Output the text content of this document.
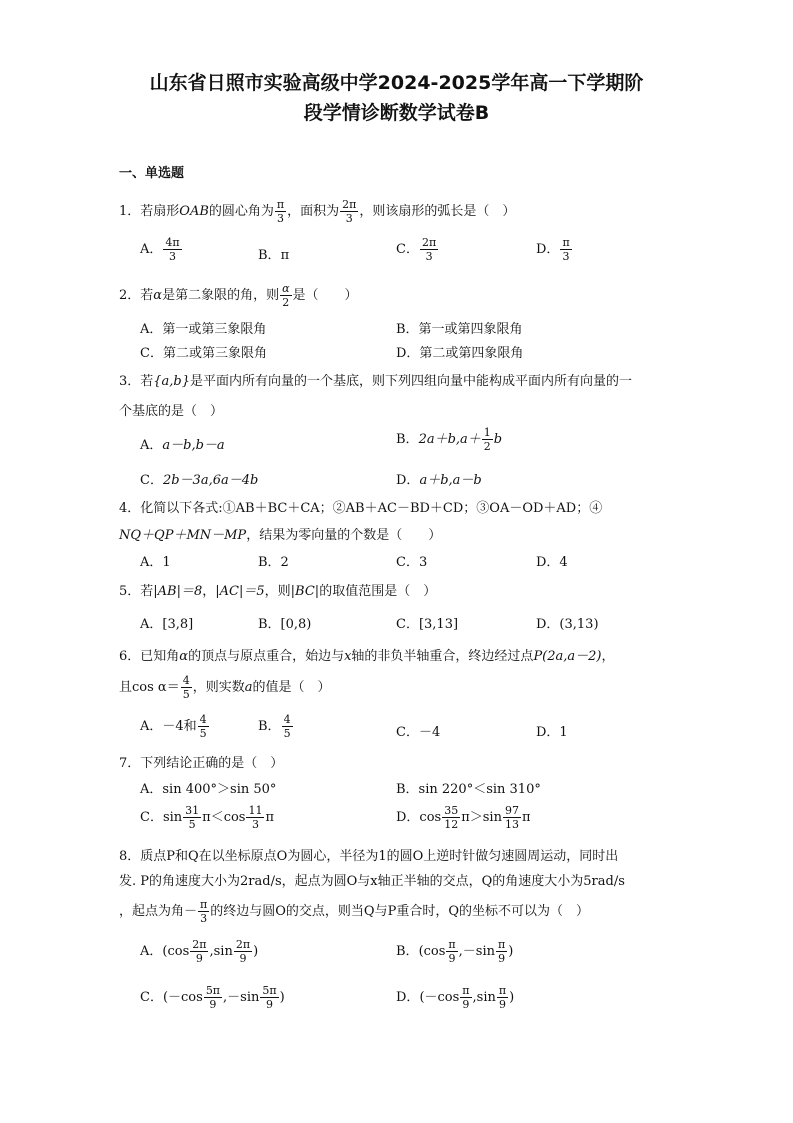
山东省日照市实验高级中学2024-2025学年高一下学期阶
段学情诊断数学试卷B
一、单选题
1．若扇形OAB的圆心角为 $\frac{\pi}{3}$ ，面积为 $\frac{2\pi}{3}$ ，则该扇形的弧长是（　）
A． $\frac{4\pi}{3}$	B．π	C． $\frac{2\pi}{3}$	D． $\frac{\pi}{3}$
2．若α是第二象限的角，则 $\frac{\alpha}{2}$ 是（　　）
A．第一或第三象限角	B．第一或第四象限角
C．第二或第三象限角	D．第二或第四象限角
3．若{a,b}是平面内所有向量的一个基底，则下列四组向量中能构成平面内所有向量的一
个基底的是（　）
A．a－b,b－a	B．$2a+b,a+ \frac{1}{2}$ b
C．2b－3a,6a－4b	D．a＋b,a－b
4．化简以下各式:①AB＋BC＋CA；②AB＋AC－BD＋CD；③OA－OD＋AD；④
NQ＋QP＋MN－MP，结果为零向量的个数是（　　）
A．1	B．2	C．3	D．4
5．若|AB|＝8，|AC|＝5，则|BC|的取值范围是（　）
A．[3,8]	B．[0,8)	C．[3,13]	D．(3,13)
6．已知角α的顶点与原点重合，始边与x轴的非负半轴重合，终边经过点P(2a,a－2)，
且$\cos \alpha= \frac{4}{5}$ ，则实数a的值是（　）
A．－4和 $\frac{4}{5}$	B． $\frac{4}{5}$	C．－4	D．1
7．下列结论正确的是（　）
A．sin 400°＞sin 50°	B．sin 220°＜sin 310°
C．$\sin \frac{31}{5} \pi<\cos \frac{11}{3}$ π	D．$\cos \frac{35}{12} \pi>\sin \frac{97}{13}$ π
8．质点P和Q在以坐标原点O为圆心，半径为1的圆O上逆时针做匀速圆周运动，同时出
发. P的角速度大小为2rad/s，起点为圆O与x轴正半轴的交点，Q的角速度大小为5rad/s
，起点为角－ $\frac{\pi}{3}$ 的终边与圆O的交点，则当Q与P重合时，Q的坐标不可以为（　）
A．($\cos \frac{2\pi}{9} ,\sin \frac{2\pi}{9}$ )	B．($\cos \frac{\pi}{9} ,-\sin \frac{\pi}{9}$ )
C．($-\cos \frac{5\pi}{9} ,-\sin \frac{5\pi}{9}$ )	D．($-\cos \frac{\pi}{9} ,\sin \frac{\pi}{9}$ )
